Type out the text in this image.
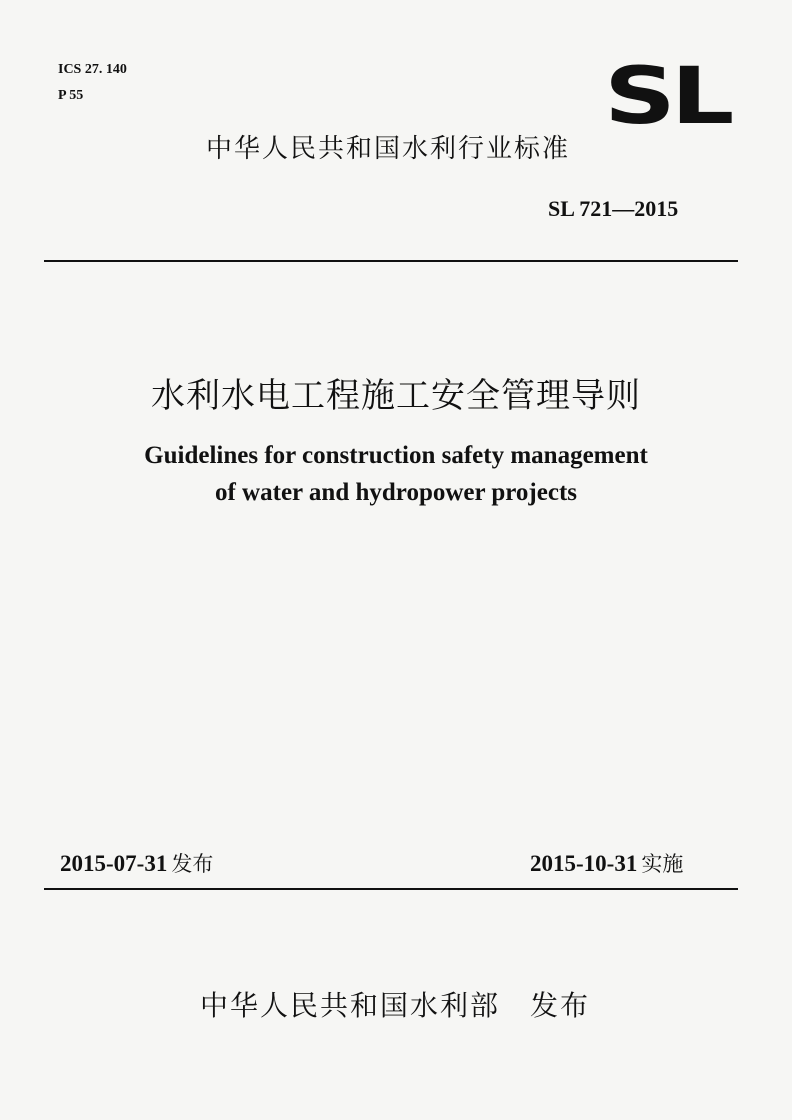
ICS 27. 140
P 55	SL
中华人民共和国水利行业标准
SL 721—2015
水利水电工程施工安全管理导则
Guidelines for construction safety management
of water and hydropower projects
2015-07-31 发布	2015-10-31 实施
中华人民共和国水利部 发布
